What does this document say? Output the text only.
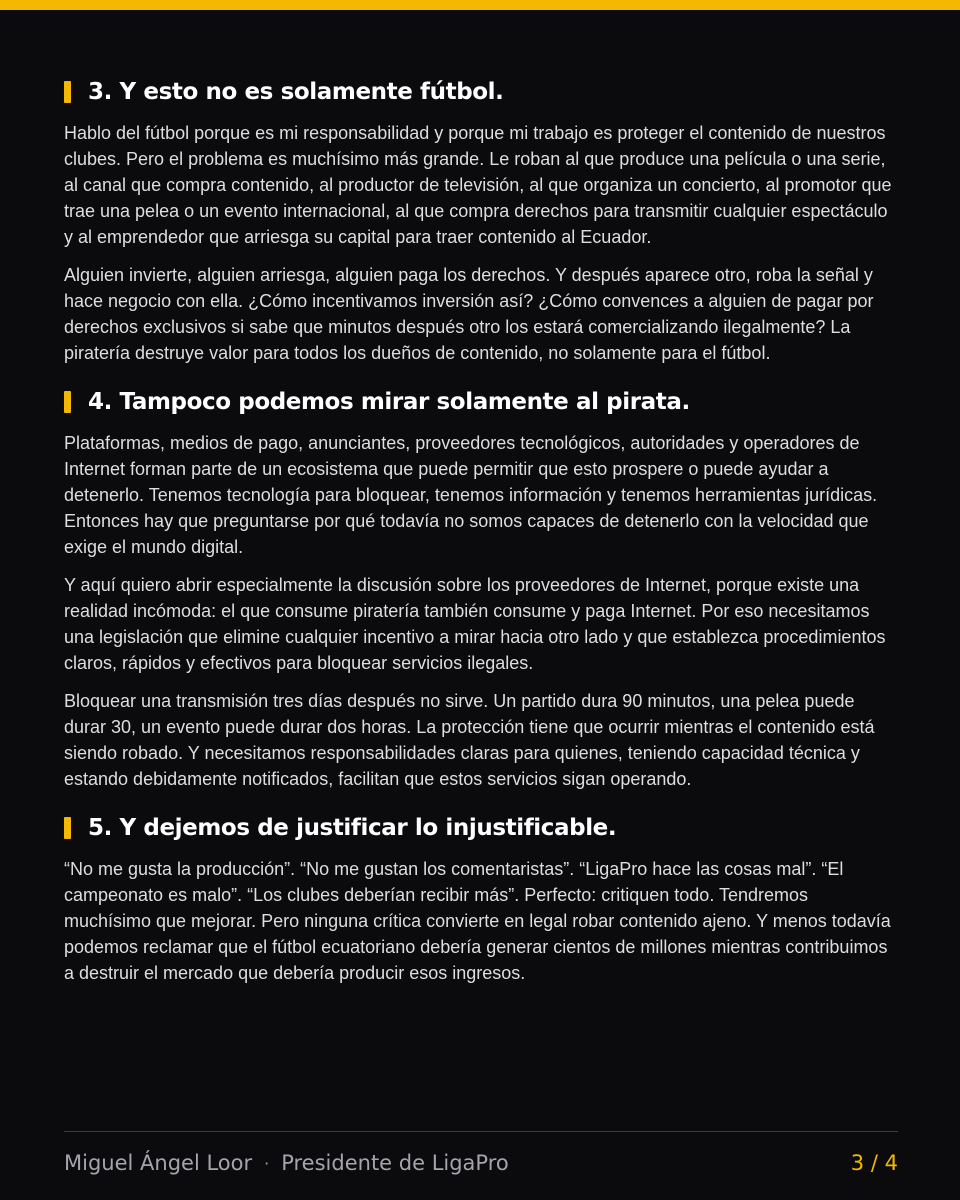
3. Y esto no es solamente fútbol.

Hablo del fútbol porque es mi responsabilidad y porque mi trabajo es proteger el contenido de nuestros clubes. Pero el problema es muchísimo más grande. Le roban al que produce una película o una serie, al canal que compra contenido, al productor de televisión, al que organiza un concierto, al promotor que trae una pelea o un evento internacional, al que compra derechos para transmitir cualquier espectáculo y al emprendedor que arriesga su capital para traer contenido al Ecuador.

Alguien invierte, alguien arriesga, alguien paga los derechos. Y después aparece otro, roba la señal y hace negocio con ella. ¿Cómo incentivamos inversión así? ¿Cómo convences a alguien de pagar por derechos exclusivos si sabe que minutos después otro los estará comercializando ilegalmente? La piratería destruye valor para todos los dueños de contenido, no solamente para el fútbol.

4. Tampoco podemos mirar solamente al pirata.

Plataformas, medios de pago, anunciantes, proveedores tecnológicos, autoridades y operadores de Internet forman parte de un ecosistema que puede permitir que esto prospere o puede ayudar a detenerlo. Tenemos tecnología para bloquear, tenemos información y tenemos herramientas jurídicas. Entonces hay que preguntarse por qué todavía no somos capaces de detenerlo con la velocidad que exige el mundo digital.

Y aquí quiero abrir especialmente la discusión sobre los proveedores de Internet, porque existe una realidad incómoda: el que consume piratería también consume y paga Internet. Por eso necesitamos una legislación que elimine cualquier incentivo a mirar hacia otro lado y que establezca procedimientos claros, rápidos y efectivos para bloquear servicios ilegales.

Bloquear una transmisión tres días después no sirve. Un partido dura 90 minutos, una pelea puede durar 30, un evento puede durar dos horas. La protección tiene que ocurrir mientras el contenido está siendo robado. Y necesitamos responsabilidades claras para quienes, teniendo capacidad técnica y estando debidamente notificados, facilitan que estos servicios sigan operando.

5. Y dejemos de justificar lo injustificable.

“No me gusta la producción”. “No me gustan los comentaristas”. “LigaPro hace las cosas mal”. “El campeonato es malo”. “Los clubes deberían recibir más”. Perfecto: critiquen todo. Tendremos muchísimo que mejorar. Pero ninguna crítica convierte en legal robar contenido ajeno. Y menos todavía podemos reclamar que el fútbol ecuatoriano debería generar cientos de millones mientras contribuimos a destruir el mercado que debería producir esos ingresos.

Miguel Ángel Loor · Presidente de LigaPro	3 / 4
